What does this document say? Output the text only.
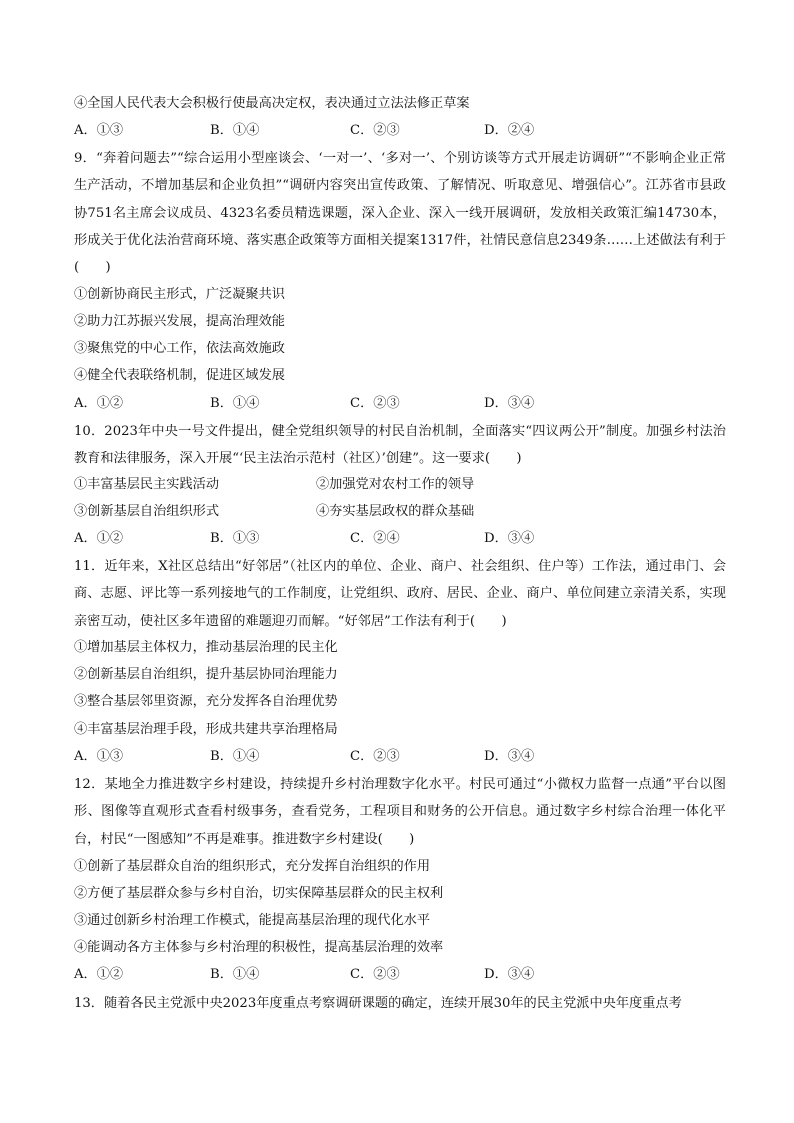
④全国人民代表大会积极行使最高决定权，表决通过立法法修正草案
A．①③	B．①④	C．②③	D．②④
9．“奔着问题去”“综合运用小型座谈会、‘一对一’、‘多对一’、个别访谈等方式开展走访调研”“不影响企业正常生产活动，不增加基层和企业负担”“调研内容突出宣传政策、了解情况、听取意见、增强信心”。江苏省市县政协751名主席会议成员、4323名委员精选课题，深入企业、深入一线开展调研，发放相关政策汇编14730本，形成关于优化法治营商环境、落实惠企政策等方面相关提案1317件，社情民意信息2349条……上述做法有利于(　　)
①创新协商民主形式，广泛凝聚共识
②助力江苏振兴发展，提高治理效能
③聚焦党的中心工作，依法高效施政
④健全代表联络机制，促进区域发展
A．①②	B．①④	C．②③	D．③④
10．2023年中央一号文件提出，健全党组织领导的村民自治机制，全面落实“四议两公开”制度。加强乡村法治教育和法律服务，深入开展“‘民主法治示范村（社区）’创建”。这一要求(　　)
①丰富基层民主实践活动	②加强党对农村工作的领导
③创新基层自治组织形式	④夯实基层政权的群众基础
A．①②	B．①③	C．②④	D．③④
11．近年来，X社区总结出“好邻居”（社区内的单位、企业、商户、社会组织、住户等）工作法，通过串门、会商、志愿、评比等一系列接地气的工作制度，让党组织、政府、居民、企业、商户、单位间建立亲清关系，实现亲密互动，使社区多年遗留的难题迎刃而解。“好邻居”工作法有利于(　　)
①增加基层主体权力，推动基层治理的民主化
②创新基层自治组织，提升基层协同治理能力
③整合基层邻里资源，充分发挥各自治理优势
④丰富基层治理手段，形成共建共享治理格局
A．①③	B．①④	C．②③	D．③④
12．某地全力推进数字乡村建设，持续提升乡村治理数字化水平。村民可通过“小微权力监督一点通”平台以图形、图像等直观形式查看村级事务，查看党务，工程项目和财务的公开信息。通过数字乡村综合治理一体化平台，村民“一图感知”不再是难事。推进数字乡村建设(　　)
①创新了基层群众自治的组织形式，充分发挥自治组织的作用
②方便了基层群众参与乡村自治，切实保障基层群众的民主权利
③通过创新乡村治理工作模式，能提高基层治理的现代化水平
④能调动各方主体参与乡村治理的积极性，提高基层治理的效率
A．①②	B．①④	C．②③	D．③④
13．随着各民主党派中央2023年度重点考察调研课题的确定，连续开展30年的民主党派中央年度重点考
